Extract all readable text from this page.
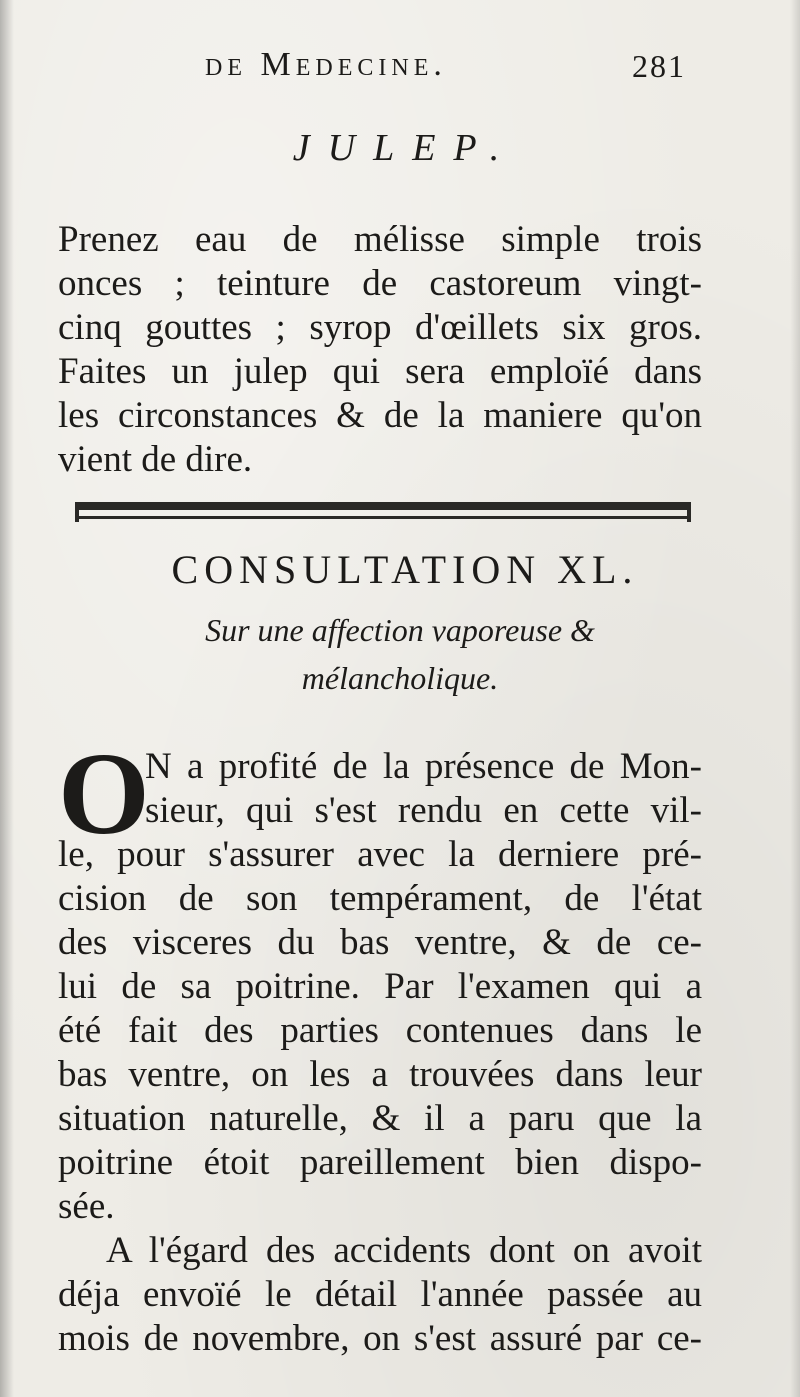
de Medecine.	281
JULEP.
Prenez eau de mélisse simple trois
onces ; teinture de castoreum vingt-
cinq gouttes ; syrop d'œillets six gros.
Faites un julep qui sera emploïé dans
les circonstances & de la maniere qu'on
vient de dire.
CONSULTATION XL.
Sur une affection vaporeuse &
mélancholique.
O
N a profité de la présence de Mon-
sieur, qui s'est rendu en cette vil-
le, pour s'assurer avec la derniere pré-
cision de son tempérament, de l'état
des visceres du bas ventre, & de ce-
lui de sa poitrine. Par l'examen qui a
été fait des parties contenues dans le
bas ventre, on les a trouvées dans leur
situation naturelle, & il a paru que la
poitrine étoit pareillement bien dispo-
sée.
A l'égard des accidents dont on avoit
déja envoïé le détail l'année passée au
mois de novembre, on s'est assuré par ce-
